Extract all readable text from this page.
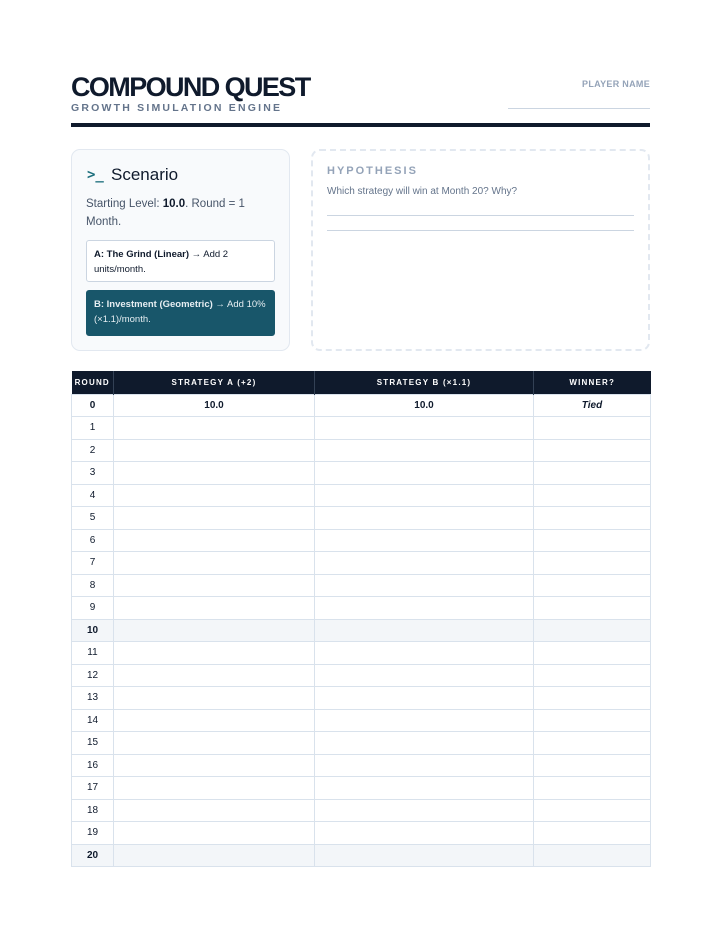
COMPOUND QUEST
GROWTH SIMULATION ENGINE
PLAYER NAME
>_ Scenario
Starting Level: 10.0. Round = 1 Month.
A: The Grind (Linear) → Add 2 units/month.
B: Investment (Geometric) → Add 10% (×1.1)/month.
HYPOTHESIS
Which strategy will win at Month 20? Why?
ROUND	STRATEGY A (+2)	STRATEGY B (×1.1)	WINNER?
0	10.0	10.0	Tied
1			
2			
3			
4			
5			
6			
7			
8			
9			
10			
11			
12			
13			
14			
15			
16			
17			
18			
19			
20			
